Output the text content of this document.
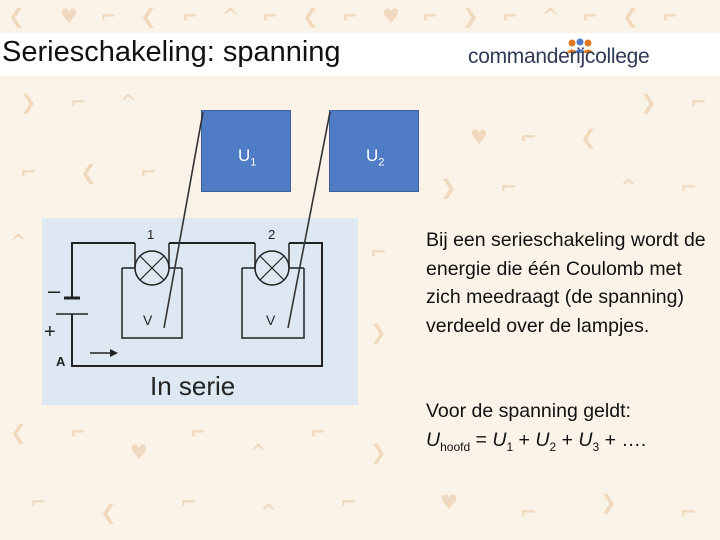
❮ ♥ ⌐ ❮ ⌐ ^ ⌐ ❮ ⌐ ♥ ⌐ ❯ ⌐ ^ ⌐ ❮ ⌐
❯ ⌐ ^	❯ ⌐
♥ ⌐ ❮
⌐ ❮ ⌐
❯ ⌐	^ ⌐
^	⌐
❯
❮ ⌐
♥
⌐
^
⌐
❯
⌐	❮	⌐	^	⌐	♥	⌐	❯	⌐
Serieschakeling: spanning	commanderijcollege
$U_1$	$U_2$
1	2
V	V
–
+
A
In serie
Bij een serieschakeling wordt de energie die één Coulomb met zich meedraagt (de spanning) verdeeld over de lampjes.
Voor de spanning geldt:
$U_{hoofd} = U_1 + U_2 + U_3$ + ….
